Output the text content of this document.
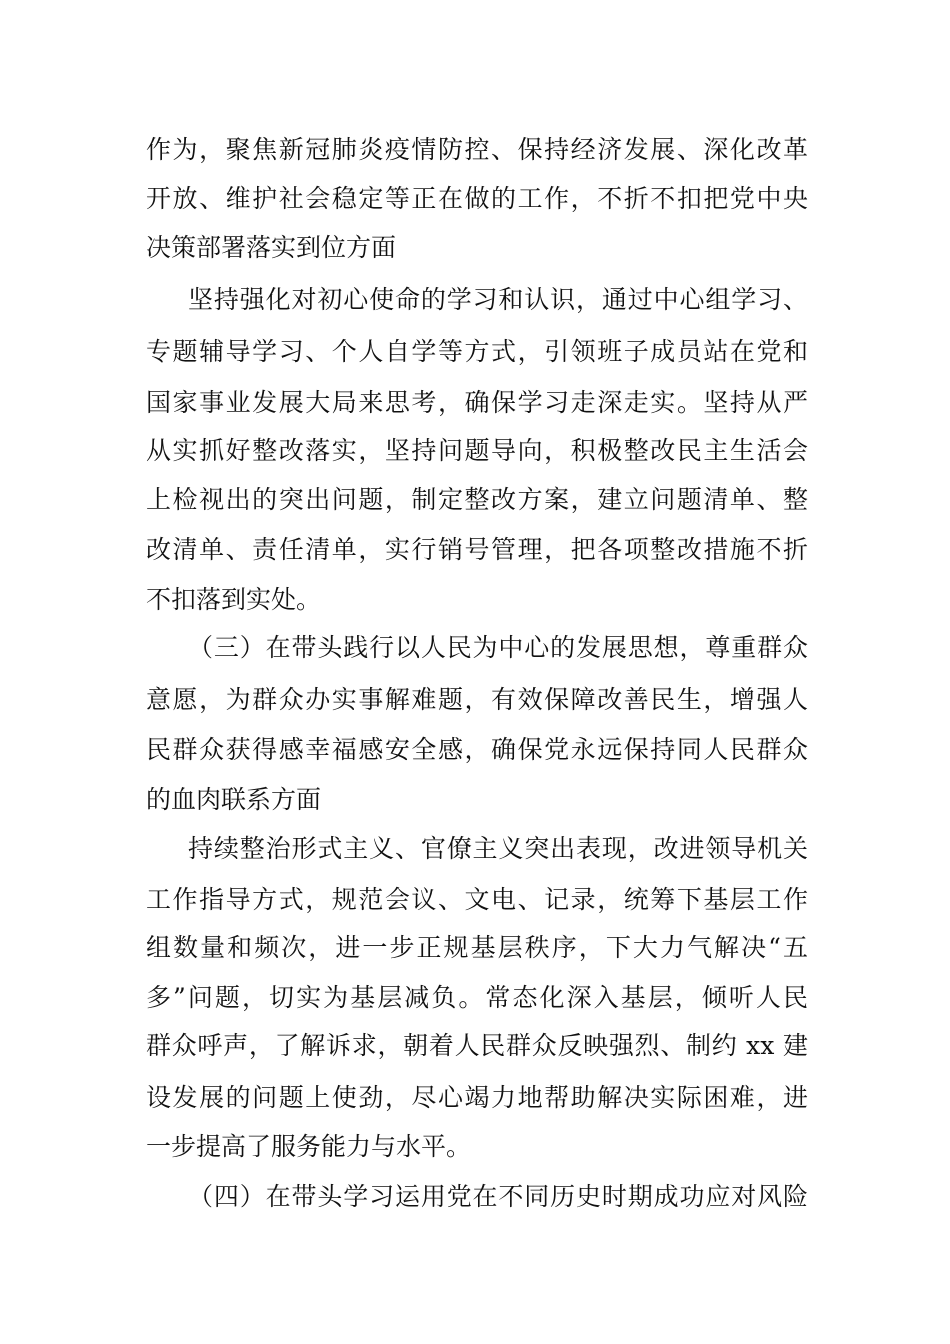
作为，聚焦新冠肺炎疫情防控、保持经济发展、深化改革
开放、维护社会稳定等正在做的工作，不折不扣把党中央
决策部署落实到位方面
坚持强化对初心使命的学习和认识，通过中心组学习、
专题辅导学习、个人自学等方式，引领班子成员站在党和
国家事业发展大局来思考，确保学习走深走实。坚持从严
从实抓好整改落实，坚持问题导向，积极整改民主生活会
上检视出的突出问题，制定整改方案，建立问题清单、整
改清单、责任清单，实行销号管理，把各项整改措施不折
不扣落到实处。
（三）在带头践行以人民为中心的发展思想，尊重群众
意愿，为群众办实事解难题，有效保障改善民生，增强人
民群众获得感幸福感安全感，确保党永远保持同人民群众
的血肉联系方面
持续整治形式主义、官僚主义突出表现，改进领导机关
工作指导方式，规范会议、文电、记录，统筹下基层工作
组数量和频次，进一步正规基层秩序，下大力气解决“五
多”问题，切实为基层减负。常态化深入基层，倾听人民
群众呼声，了解诉求，朝着人民群众反映强烈、制约 xx 建
设发展的问题上使劲，尽心竭力地帮助解决实际困难，进
一步提高了服务能力与水平。
（四）在带头学习运用党在不同历史时期成功应对风险
